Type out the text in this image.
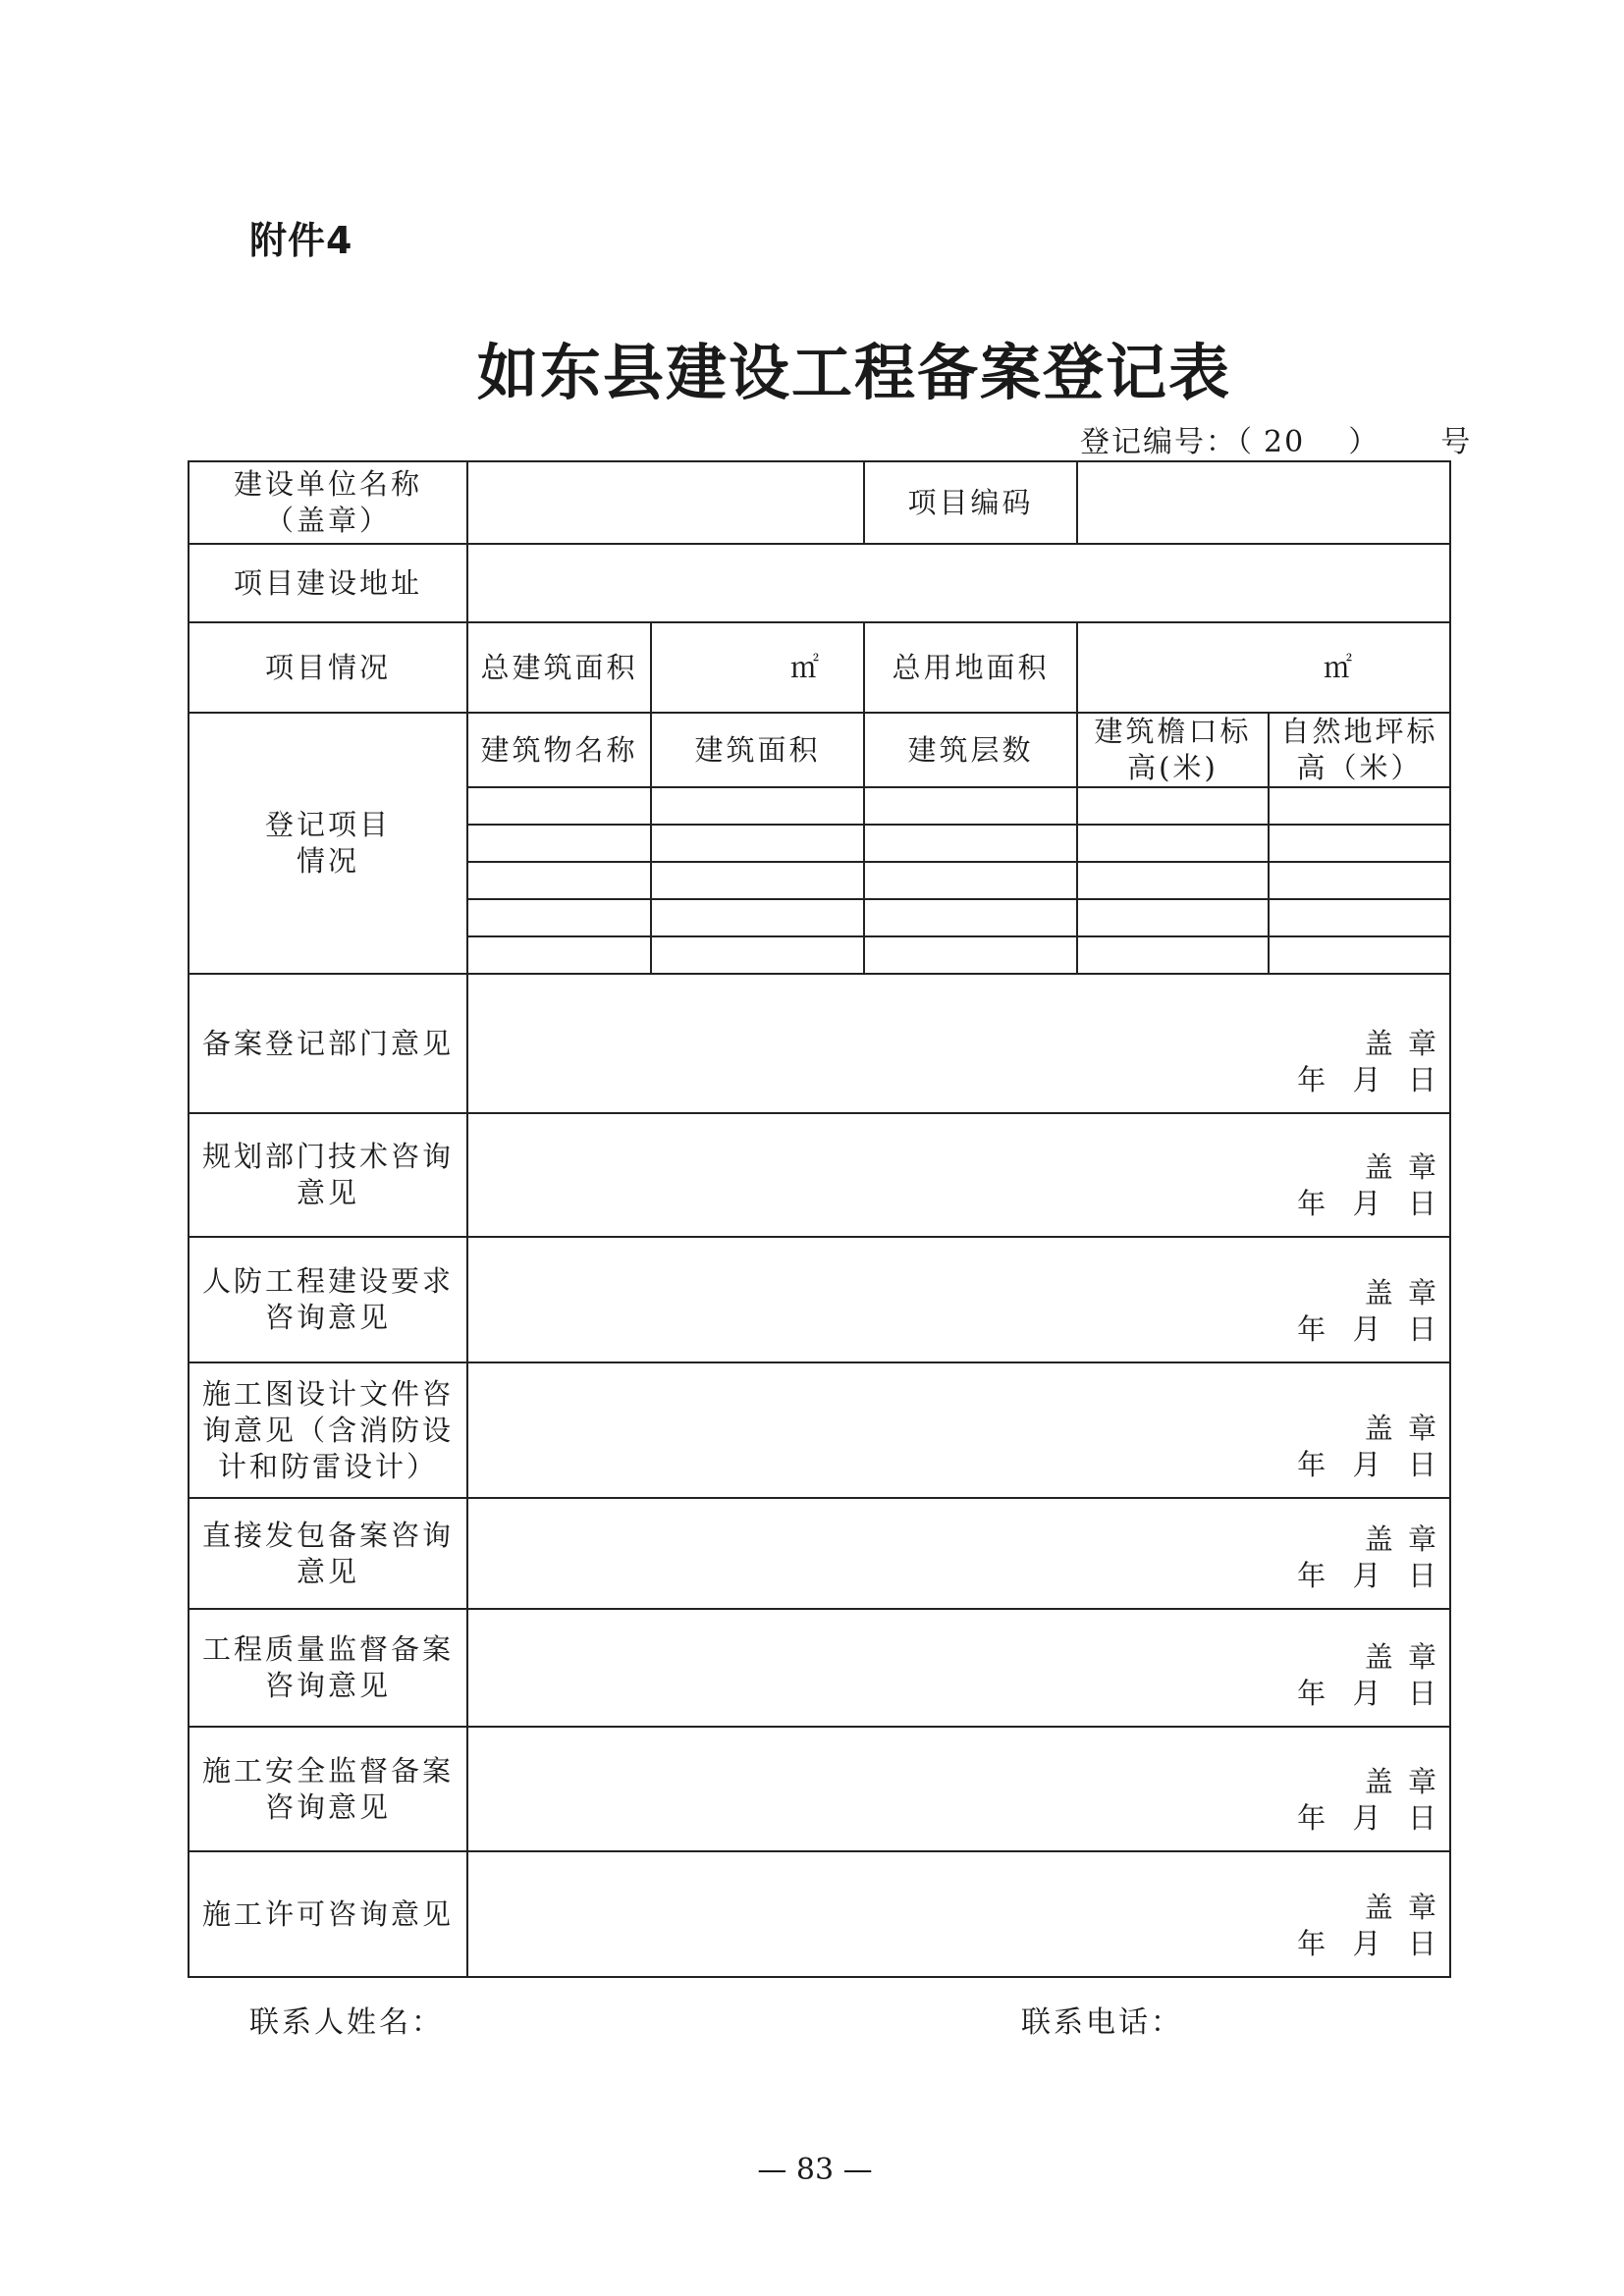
附件4
如东县建设工程备案登记表
登记编号：（ 20 ） 号
建设单位名称
（盖章）			项目编码		
项目建设地址					
项目情况	总建筑面积	㎡	总用地面积	㎡	
登记项目
情况	建筑物名称	建筑面积	建筑层数	建筑檐口标
高(米)	自然地坪标
高（米）

备案登记部门意见	盖 章
年  月  日				

规划部门技术咨询
意见	盖 章
年  月  日				

人防工程建设要求
咨询意见	盖 章
年  月  日				

施工图设计文件咨
询意见（含消防设
计和防雷设计）	盖 章
年  月  日				

直接发包备案咨询
意见	盖 章
年  月  日				

工程质量监督备案
咨询意见	盖 章
年  月  日				

施工安全监督备案
咨询意见	盖 章
年  月  日				

施工许可咨询意见	盖 章
年  月  日				
联系人姓名：	联系电话：
— 83 —
